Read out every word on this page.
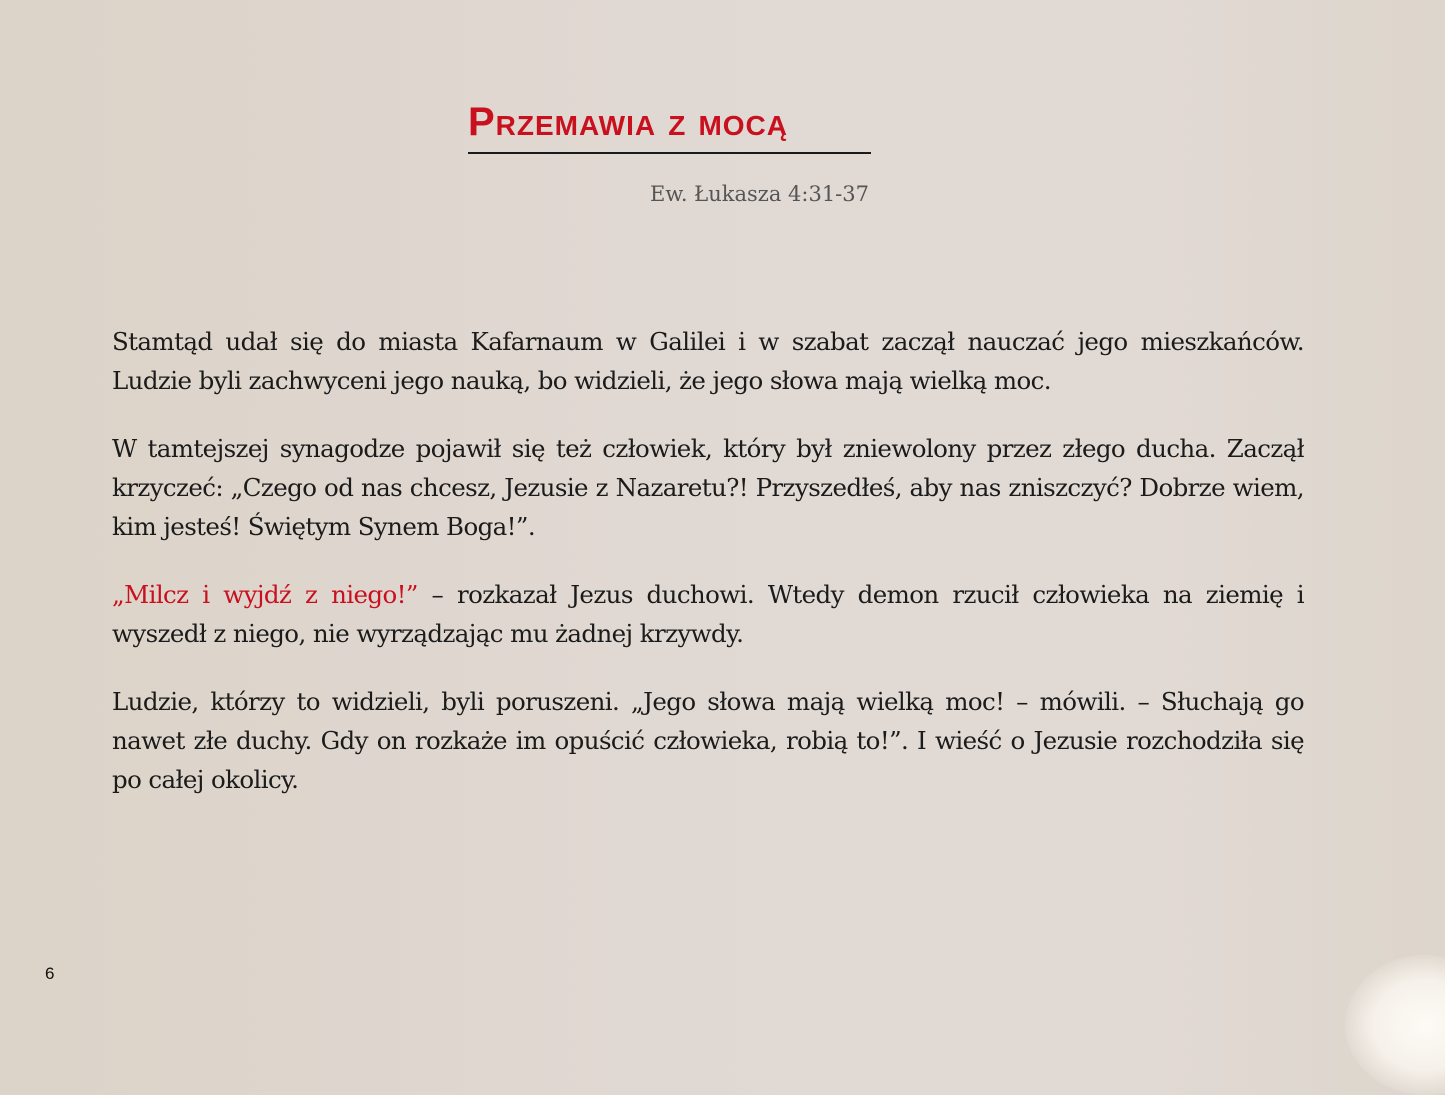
Przemawia z mocą
Ew. Łukasza 4:31-37

Stamtąd udał się do miasta Kafarnaum w Galilei i w szabat zaczął nauczać jego mieszkańców. Ludzie byli zachwyceni jego nauką, bo widzieli, że jego słowa mają wielką moc.

W tamtejszej synagodze pojawił się też człowiek, który był zniewolony przez złego ducha. Zaczął krzyczeć: „Czego od nas chcesz, Jezusie z Nazaretu?! Przyszedłeś, aby nas zniszczyć? Dobrze wiem, kim jesteś! Świętym Synem Boga!”.

„Milcz i wyjdź z niego!” – rozkazał Jezus duchowi. Wtedy demon rzucił człowieka na ziemię i wyszedł z niego, nie wyrządzając mu żadnej krzywdy.

Ludzie, którzy to widzieli, byli poruszeni. „Jego słowa mają wielką moc! – mówili. – Słuchają go nawet złe duchy. Gdy on rozkaże im opuścić człowieka, robią to!”. I wieść o Jezusie rozchodziła się po całej okolicy.

6
